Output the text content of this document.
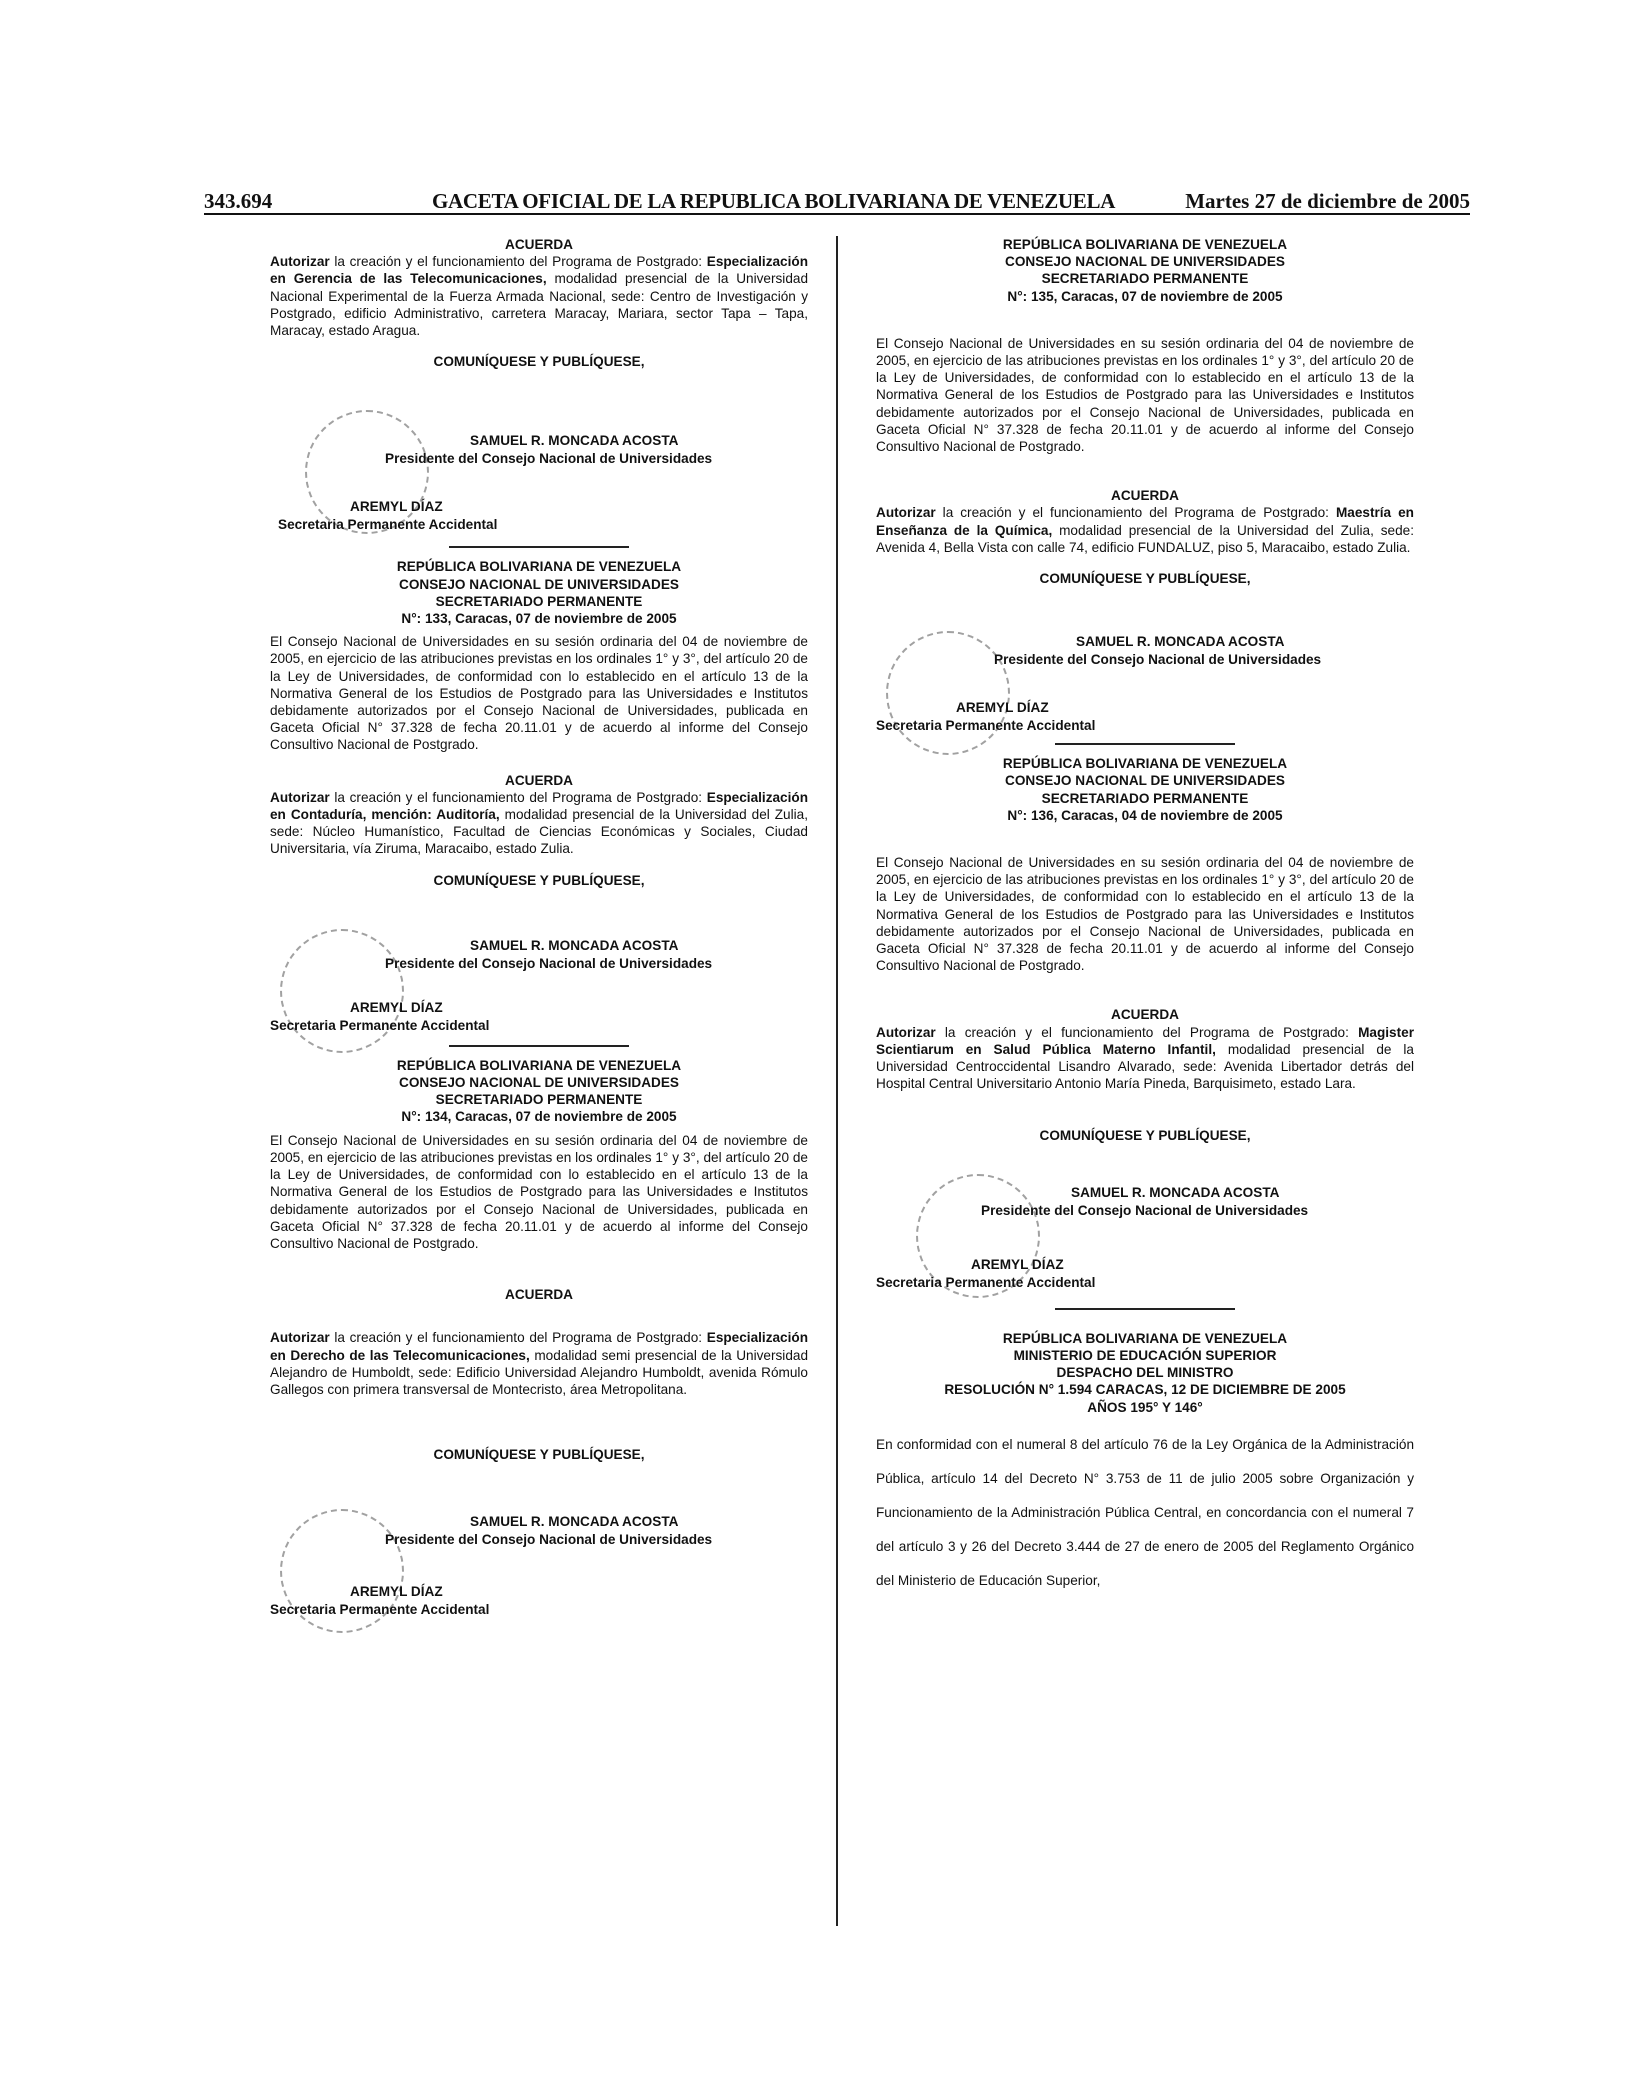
343.694	GACETA OFICIAL DE LA REPUBLICA BOLIVARIANA DE VENEZUELA	Martes 27 de diciembre de 2005
ACUERDA
Autorizar la creación y el funcionamiento del Programa de Postgrado: Especialización en Gerencia de las Telecomunicaciones, modalidad presencial de la Universidad Nacional Experimental de la Fuerza Armada Nacional, sede: Centro de Investigación y Postgrado, edificio Administrativo, carretera Maracay, Mariara, sector Tapa – Tapa, Maracay, estado Aragua.
COMUNÍQUESE Y PUBLÍQUESE,
SAMUEL R. MONCADA ACOSTA
Presidente del Consejo Nacional de Universidades
AREMYL DÍAZ
Secretaria Permanente Accidental
REPÚBLICA BOLIVARIANA DE VENEZUELA
CONSEJO NACIONAL DE UNIVERSIDADES
SECRETARIADO PERMANENTE
N°: 133, Caracas, 07 de noviembre de 2005
El Consejo Nacional de Universidades en su sesión ordinaria del 04 de noviembre de 2005, en ejercicio de las atribuciones previstas en los ordinales 1° y 3°, del artículo 20 de la Ley de Universidades, de conformidad con lo establecido en el artículo 13 de la Normativa General de los Estudios de Postgrado para las Universidades e Institutos debidamente autorizados por el Consejo Nacional de Universidades, publicada en Gaceta Oficial N° 37.328 de fecha 20.11.01 y de acuerdo al informe del Consejo Consultivo Nacional de Postgrado.
ACUERDA
Autorizar la creación y el funcionamiento del Programa de Postgrado: Especialización en Contaduría, mención: Auditoría, modalidad presencial de la Universidad del Zulia, sede: Núcleo Humanístico, Facultad de Ciencias Económicas y Sociales, Ciudad Universitaria, vía Ziruma, Maracaibo, estado Zulia.
COMUNÍQUESE Y PUBLÍQUESE,
SAMUEL R. MONCADA ACOSTA
Presidente del Consejo Nacional de Universidades
AREMYL DÍAZ
Secretaria Permanente Accidental
REPÚBLICA BOLIVARIANA DE VENEZUELA
CONSEJO NACIONAL DE UNIVERSIDADES
SECRETARIADO PERMANENTE
N°: 134, Caracas, 07 de noviembre de 2005
El Consejo Nacional de Universidades en su sesión ordinaria del 04 de noviembre de 2005, en ejercicio de las atribuciones previstas en los ordinales 1° y 3°, del artículo 20 de la Ley de Universidades, de conformidad con lo establecido en el artículo 13 de la Normativa General de los Estudios de Postgrado para las Universidades e Institutos debidamente autorizados por el Consejo Nacional de Universidades, publicada en Gaceta Oficial N° 37.328 de fecha 20.11.01 y de acuerdo al informe del Consejo Consultivo Nacional de Postgrado.
ACUERDA
Autorizar la creación y el funcionamiento del Programa de Postgrado: Especialización en Derecho de las Telecomunicaciones, modalidad semi presencial de la Universidad Alejandro de Humboldt, sede: Edificio Universidad Alejandro Humboldt, avenida Rómulo Gallegos con primera transversal de Montecristo, área Metropolitana.
COMUNÍQUESE Y PUBLÍQUESE,
SAMUEL R. MONCADA ACOSTA
Presidente del Consejo Nacional de Universidades
AREMYL DÍAZ
Secretaria Permanente Accidental
REPÚBLICA BOLIVARIANA DE VENEZUELA
CONSEJO NACIONAL DE UNIVERSIDADES
SECRETARIADO PERMANENTE
N°: 135, Caracas, 07 de noviembre de 2005
El Consejo Nacional de Universidades en su sesión ordinaria del 04 de noviembre de 2005, en ejercicio de las atribuciones previstas en los ordinales 1° y 3°, del artículo 20 de la Ley de Universidades, de conformidad con lo establecido en el artículo 13 de la Normativa General de los Estudios de Postgrado para las Universidades e Institutos debidamente autorizados por el Consejo Nacional de Universidades, publicada en Gaceta Oficial N° 37.328 de fecha 20.11.01 y de acuerdo al informe del Consejo Consultivo Nacional de Postgrado.
ACUERDA
Autorizar la creación y el funcionamiento del Programa de Postgrado: Maestría en Enseñanza de la Química, modalidad presencial de la Universidad del Zulia, sede: Avenida 4, Bella Vista con calle 74, edificio FUNDALUZ, piso 5, Maracaibo, estado Zulia.
COMUNÍQUESE Y PUBLÍQUESE,
SAMUEL R. MONCADA ACOSTA
Presidente del Consejo Nacional de Universidades
AREMYL DÍAZ
Secretaria Permanente Accidental
REPÚBLICA BOLIVARIANA DE VENEZUELA
CONSEJO NACIONAL DE UNIVERSIDADES
SECRETARIADO PERMANENTE
N°: 136, Caracas, 04 de noviembre de 2005
El Consejo Nacional de Universidades en su sesión ordinaria del 04 de noviembre de 2005, en ejercicio de las atribuciones previstas en los ordinales 1° y 3°, del artículo 20 de la Ley de Universidades, de conformidad con lo establecido en el artículo 13 de la Normativa General de los Estudios de Postgrado para las Universidades e Institutos debidamente autorizados por el Consejo Nacional de Universidades, publicada en Gaceta Oficial N° 37.328 de fecha 20.11.01 y de acuerdo al informe del Consejo Consultivo Nacional de Postgrado.
ACUERDA
Autorizar la creación y el funcionamiento del Programa de Postgrado: Magister Scientiarum en Salud Pública Materno Infantil, modalidad presencial de la Universidad Centroccidental Lisandro Alvarado, sede: Avenida Libertador detrás del Hospital Central Universitario Antonio María Pineda, Barquisimeto, estado Lara.
COMUNÍQUESE Y PUBLÍQUESE,
SAMUEL R. MONCADA ACOSTA
Presidente del Consejo Nacional de Universidades
AREMYL DÍAZ
Secretaria Permanente Accidental
REPÚBLICA BOLIVARIANA DE VENEZUELA
MINISTERIO DE EDUCACIÓN SUPERIOR
DESPACHO DEL MINISTRO
RESOLUCIÓN N° 1.594 CARACAS, 12 DE DICIEMBRE DE 2005
AÑOS 195° Y 146°
En conformidad con el numeral 8 del artículo 76 de la Ley Orgánica de la Administración Pública, artículo 14 del Decreto N° 3.753 de 11 de julio 2005 sobre Organización y Funcionamiento de la Administración Pública Central, en concordancia con el numeral 7 del artículo 3 y 26 del Decreto 3.444 de 27 de enero de 2005 del Reglamento Orgánico del Ministerio de Educación Superior,
